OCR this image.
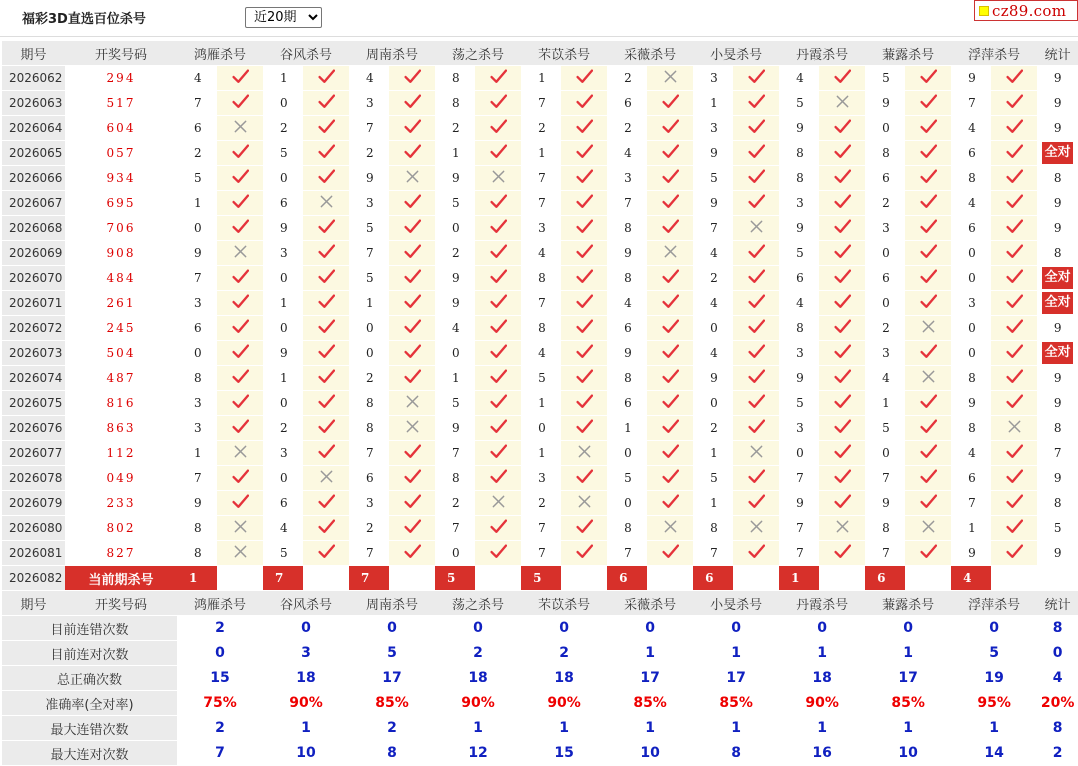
福彩3D直选百位杀号
近20期	cz89.com
期号	开奖号码	鸿雁杀号		谷风杀号		周南杀号		荡之杀号		芣苡杀号		采薇杀号		小旻杀号		丹霞杀号		蒹露杀号		浮萍杀号		统计
2026062	294	4		1		4		8		1		2		3		4		5		9		9
2026063	517	7		0		3		8		7		6		1		5		9		7		9
2026064	604	6		2		7		2		2		2		3		9		0		4		9
2026065	057	2		5		2		1		1		4		9		8		8		6		全对
2026066	934	5		0		9		9		7		3		5		8		6		8		8
2026067	695	1		6		3		5		7		7		9		3		2		4		9
2026068	706	0		9		5		0		3		8		7		9		3		6		9
2026069	908	9		3		7		2		4		9		4		5		0		0		8
2026070	484	7		0		5		9		8		8		2		6		6		0		全对
2026071	261	3		1		1		9		7		4		4		4		0		3		全对
2026072	245	6		0		0		4		8		6		0		8		2		0		9
2026073	504	0		9		0		0		4		9		4		3		3		0		全对
2026074	487	8		1		2		1		5		8		9		9		4		8		9
2026075	816	3		0		8		5		1		6		0		5		1		9		9
2026076	863	3		2		8		9		0		1		2		3		5		8		8
2026077	112	1		3		7		7		1		0		1		0		0		4		7
2026078	049	7		0		6		8		3		5		5		7		7		6		9
2026079	233	9		6		3		2		2		0		1		9		9		7		8
2026080	802	8		4		2		7		7		8		8		7		8		1		5
2026081	827	8		5		7		0		7		7		7		7		7		9		9
2026082	当前期杀号	1		7		7		5		5		6		6		1		6		4		
期号	开奖号码	鸿雁杀号		谷风杀号		周南杀号		荡之杀号		芣苡杀号		采薇杀号		小旻杀号		丹霞杀号		蒹露杀号		浮萍杀号		统计
目前连错次数		2		0		0		0		0		0		0		0		0		0		8
目前连对次数		0		3		5		2		2		1		1		1		1		5		0
总正确次数		15		18		17		18		18		17		17		18		17		19		4
准确率(全对率)		75%		90%		85%		90%		90%		85%		85%		90%		85%		95%		20%
最大连错次数		2		1		2		1		1		1		1		1		1		1		8
最大连对次数		7		10		8		12		15		10		8		16		10		14		2
